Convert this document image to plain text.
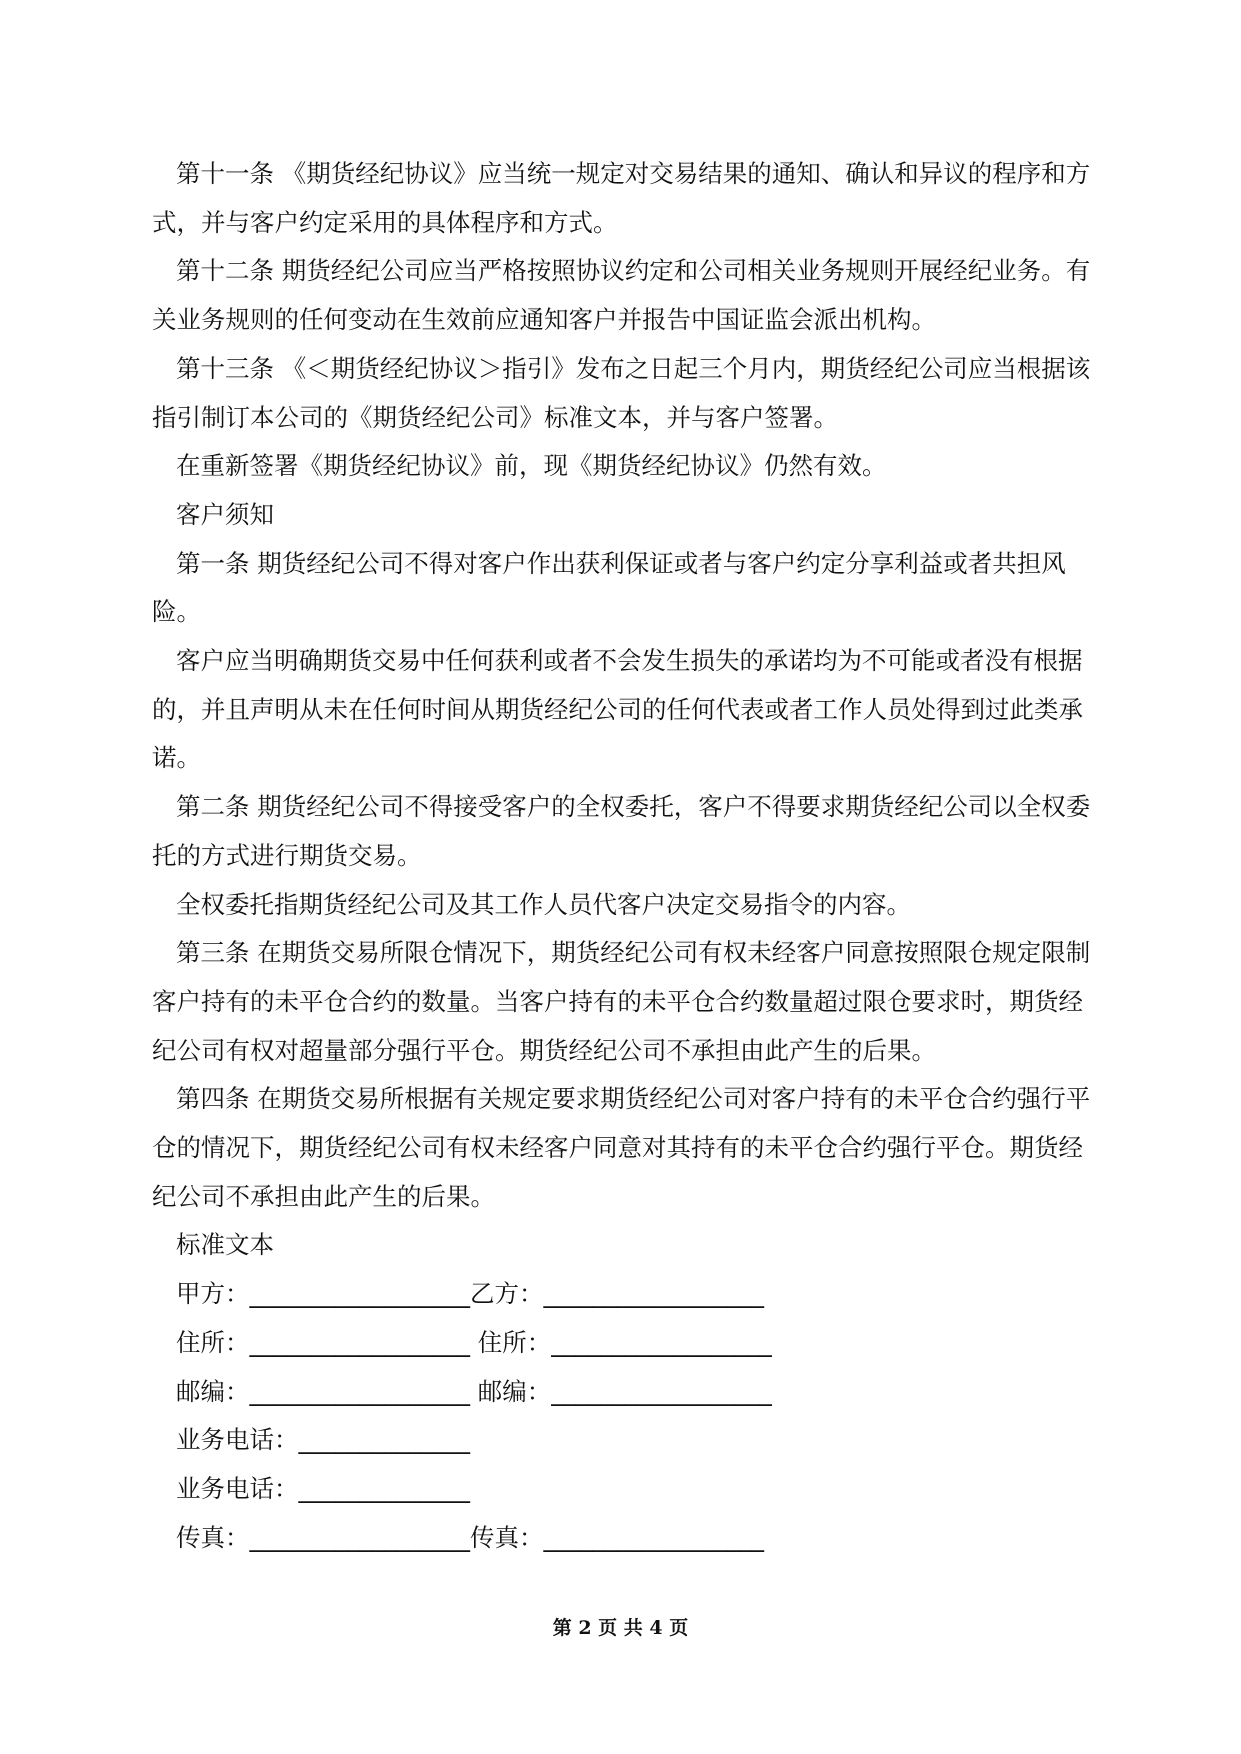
第十一条 《期货经纪协议》应当统一规定对交易结果的通知、确认和异议的程序和方式，并与客户约定采用的具体程序和方式。

第十二条 期货经纪公司应当严格按照协议约定和公司相关业务规则开展经纪业务。有关业务规则的任何变动在生效前应通知客户并报告中国证监会派出机构。

第十三条 《＜期货经纪协议＞指引》发布之日起三个月内，期货经纪公司应当根据该指引制订本公司的《期货经纪公司》标准文本，并与客户签署。

在重新签署《期货经纪协议》前，现《期货经纪协议》仍然有效。

客户须知

第一条 期货经纪公司不得对客户作出获利保证或者与客户约定分享利益或者共担风险。

客户应当明确期货交易中任何获利或者不会发生损失的承诺均为不可能或者没有根据的，并且声明从未在任何时间从期货经纪公司的任何代表或者工作人员处得到过此类承诺。

第二条 期货经纪公司不得接受客户的全权委托，客户不得要求期货经纪公司以全权委托的方式进行期货交易。

全权委托指期货经纪公司及其工作人员代客户决定交易指令的内容。

第三条 在期货交易所限仓情况下，期货经纪公司有权未经客户同意按照限仓规定限制客户持有的未平仓合约的数量。当客户持有的未平仓合约数量超过限仓要求时，期货经纪公司有权对超量部分强行平仓。期货经纪公司不承担由此产生的后果。

第四条 在期货交易所根据有关规定要求期货经纪公司对客户持有的未平仓合约强行平仓的情况下，期货经纪公司有权未经客户同意对其持有的未平仓合约强行平仓。期货经纪公司不承担由此产生的后果。

标准文本

甲方：__________________乙方：__________________
住所：__________________ 住所：__________________
邮编：__________________ 邮编：__________________
业务电话：______________
业务电话：______________
传真：__________________传真：__________________
第 2 页 共 4 页
